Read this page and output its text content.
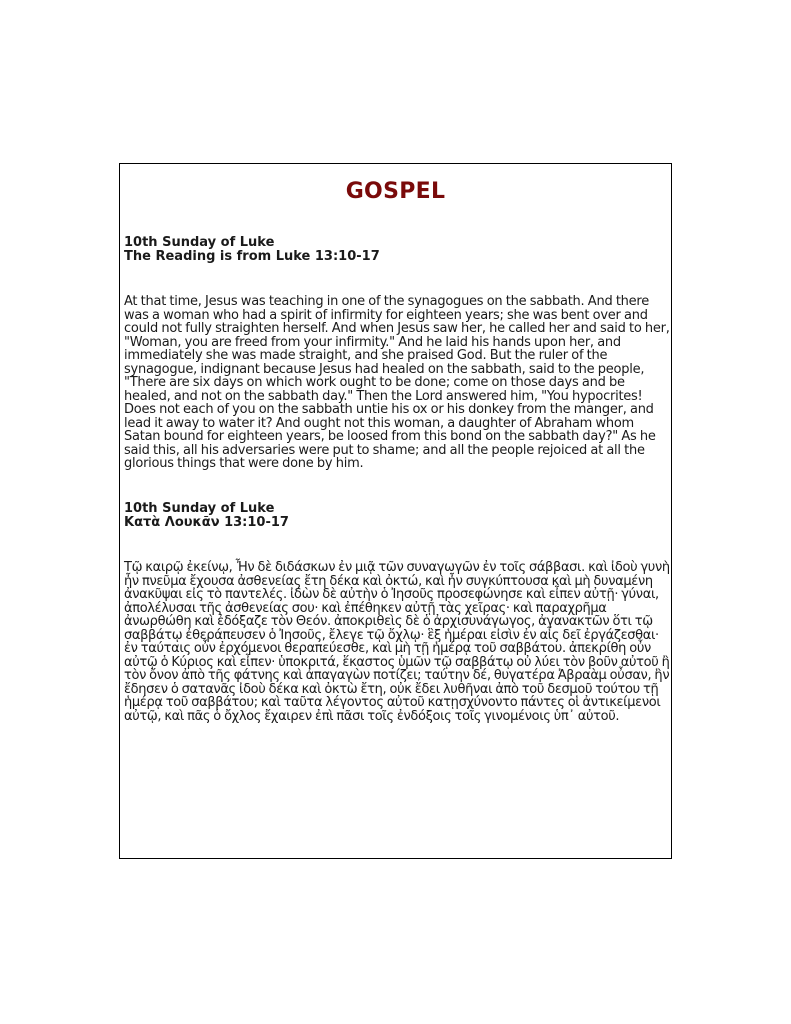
GOSPEL

10th Sunday of Luke

The Reading is from Luke 13:10-17

At that time, Jesus was teaching in one of the synagogues on the sabbath. And there was a woman who had a spirit of infirmity for eighteen years; she was bent over and could not fully straighten herself. And when Jesus saw her, he called her and said to her, "Woman, you are freed from your infirmity." And he laid his hands upon her, and immediately she was made straight, and she praised God. But the ruler of the synagogue, indignant because Jesus had healed on the sabbath, said to the people, "There are six days on which work ought to be done; come on those days and be healed, and not on the sabbath day." Then the Lord answered him, "You hypocrites! Does not each of you on the sabbath untie his ox or his donkey from the manger, and lead it away to water it? And ought not this woman, a daughter of Abraham whom Satan bound for eighteen years, be loosed from this bond on the sabbath day?" As he said this, all his adversaries were put to shame; and all the people rejoiced at all the glorious things that were done by him.

10th Sunday of Luke

Κατὰ Λουκᾶν 13:10-17

Τῷ καιρῷ ἐκείνῳ, Ἦν δὲ διδάσκων ἐν μιᾷ τῶν συναγωγῶν ἐν τοῖς σάββασι. καὶ ἰδοὺ γυνὴ ἦν πνεῦμα ἔχουσα ἀσθενείας ἔτη δέκα καὶ ὀκτώ, καὶ ἦν συγκύπτουσα καὶ μὴ δυναμένη ἀνακῦψαι εἰς τὸ παντελές. ἰδὼν δὲ αὐτὴν ὁ Ἰησοῦς προσεφώνησε καὶ εἶπεν αὐτῇ· γύναι, ἀπολέλυσαι τῆς ἀσθενείας σου· καὶ ἐπέθηκεν αὐτῇ τὰς χεῖρας· καὶ παραχρῆμα ἀνωρθώθη καὶ ἐδόξαζε τὸν Θεόν. ἀποκριθεὶς δὲ ὁ ἀρχισυνάγωγος, ἀγανακτῶν ὅτι τῷ σαββάτῳ ἐθεράπευσεν ὁ Ἰησοῦς, ἔλεγε τῷ ὄχλῳ· ἓξ ἡμέραι εἰσὶν ἐν αἷς δεῖ ἐργάζεσθαι· ἐν ταύταις οὖν ἐρχόμενοι θεραπεύεσθε, καὶ μὴ τῇ ἡμέρᾳ τοῦ σαββάτου. ἀπεκρίθη οὖν αὐτῷ ὁ Κύριος καὶ εἶπεν· ὑποκριτά, ἕκαστος ὑμῶν τῷ σαββάτῳ οὐ λύει τὸν βοῦν αὐτοῦ ἢ τὸν ὄνον ἀπὸ τῆς φάτνης καὶ ἀπαγαγὼν ποτίζει; ταύτην δέ, θυγατέρα Ἀβραὰμ οὖσαν, ἣν ἔδησεν ὁ σατανᾶς ἰδοὺ δέκα καὶ ὀκτὼ ἔτη, οὐκ ἔδει λυθῆναι ἀπὸ τοῦ δεσμοῦ τούτου τῇ ἡμέρᾳ τοῦ σαββάτου; καὶ ταῦτα λέγοντος αὐτοῦ κατῃσχύνοντο πάντες οἱ ἀντικείμενοι αὐτῷ, καὶ πᾶς ὁ ὄχλος ἔχαιρεν ἐπὶ πᾶσι τοῖς ἐνδόξοις τοῖς γινομένοις ὑπ᾽ αὐτοῦ.
